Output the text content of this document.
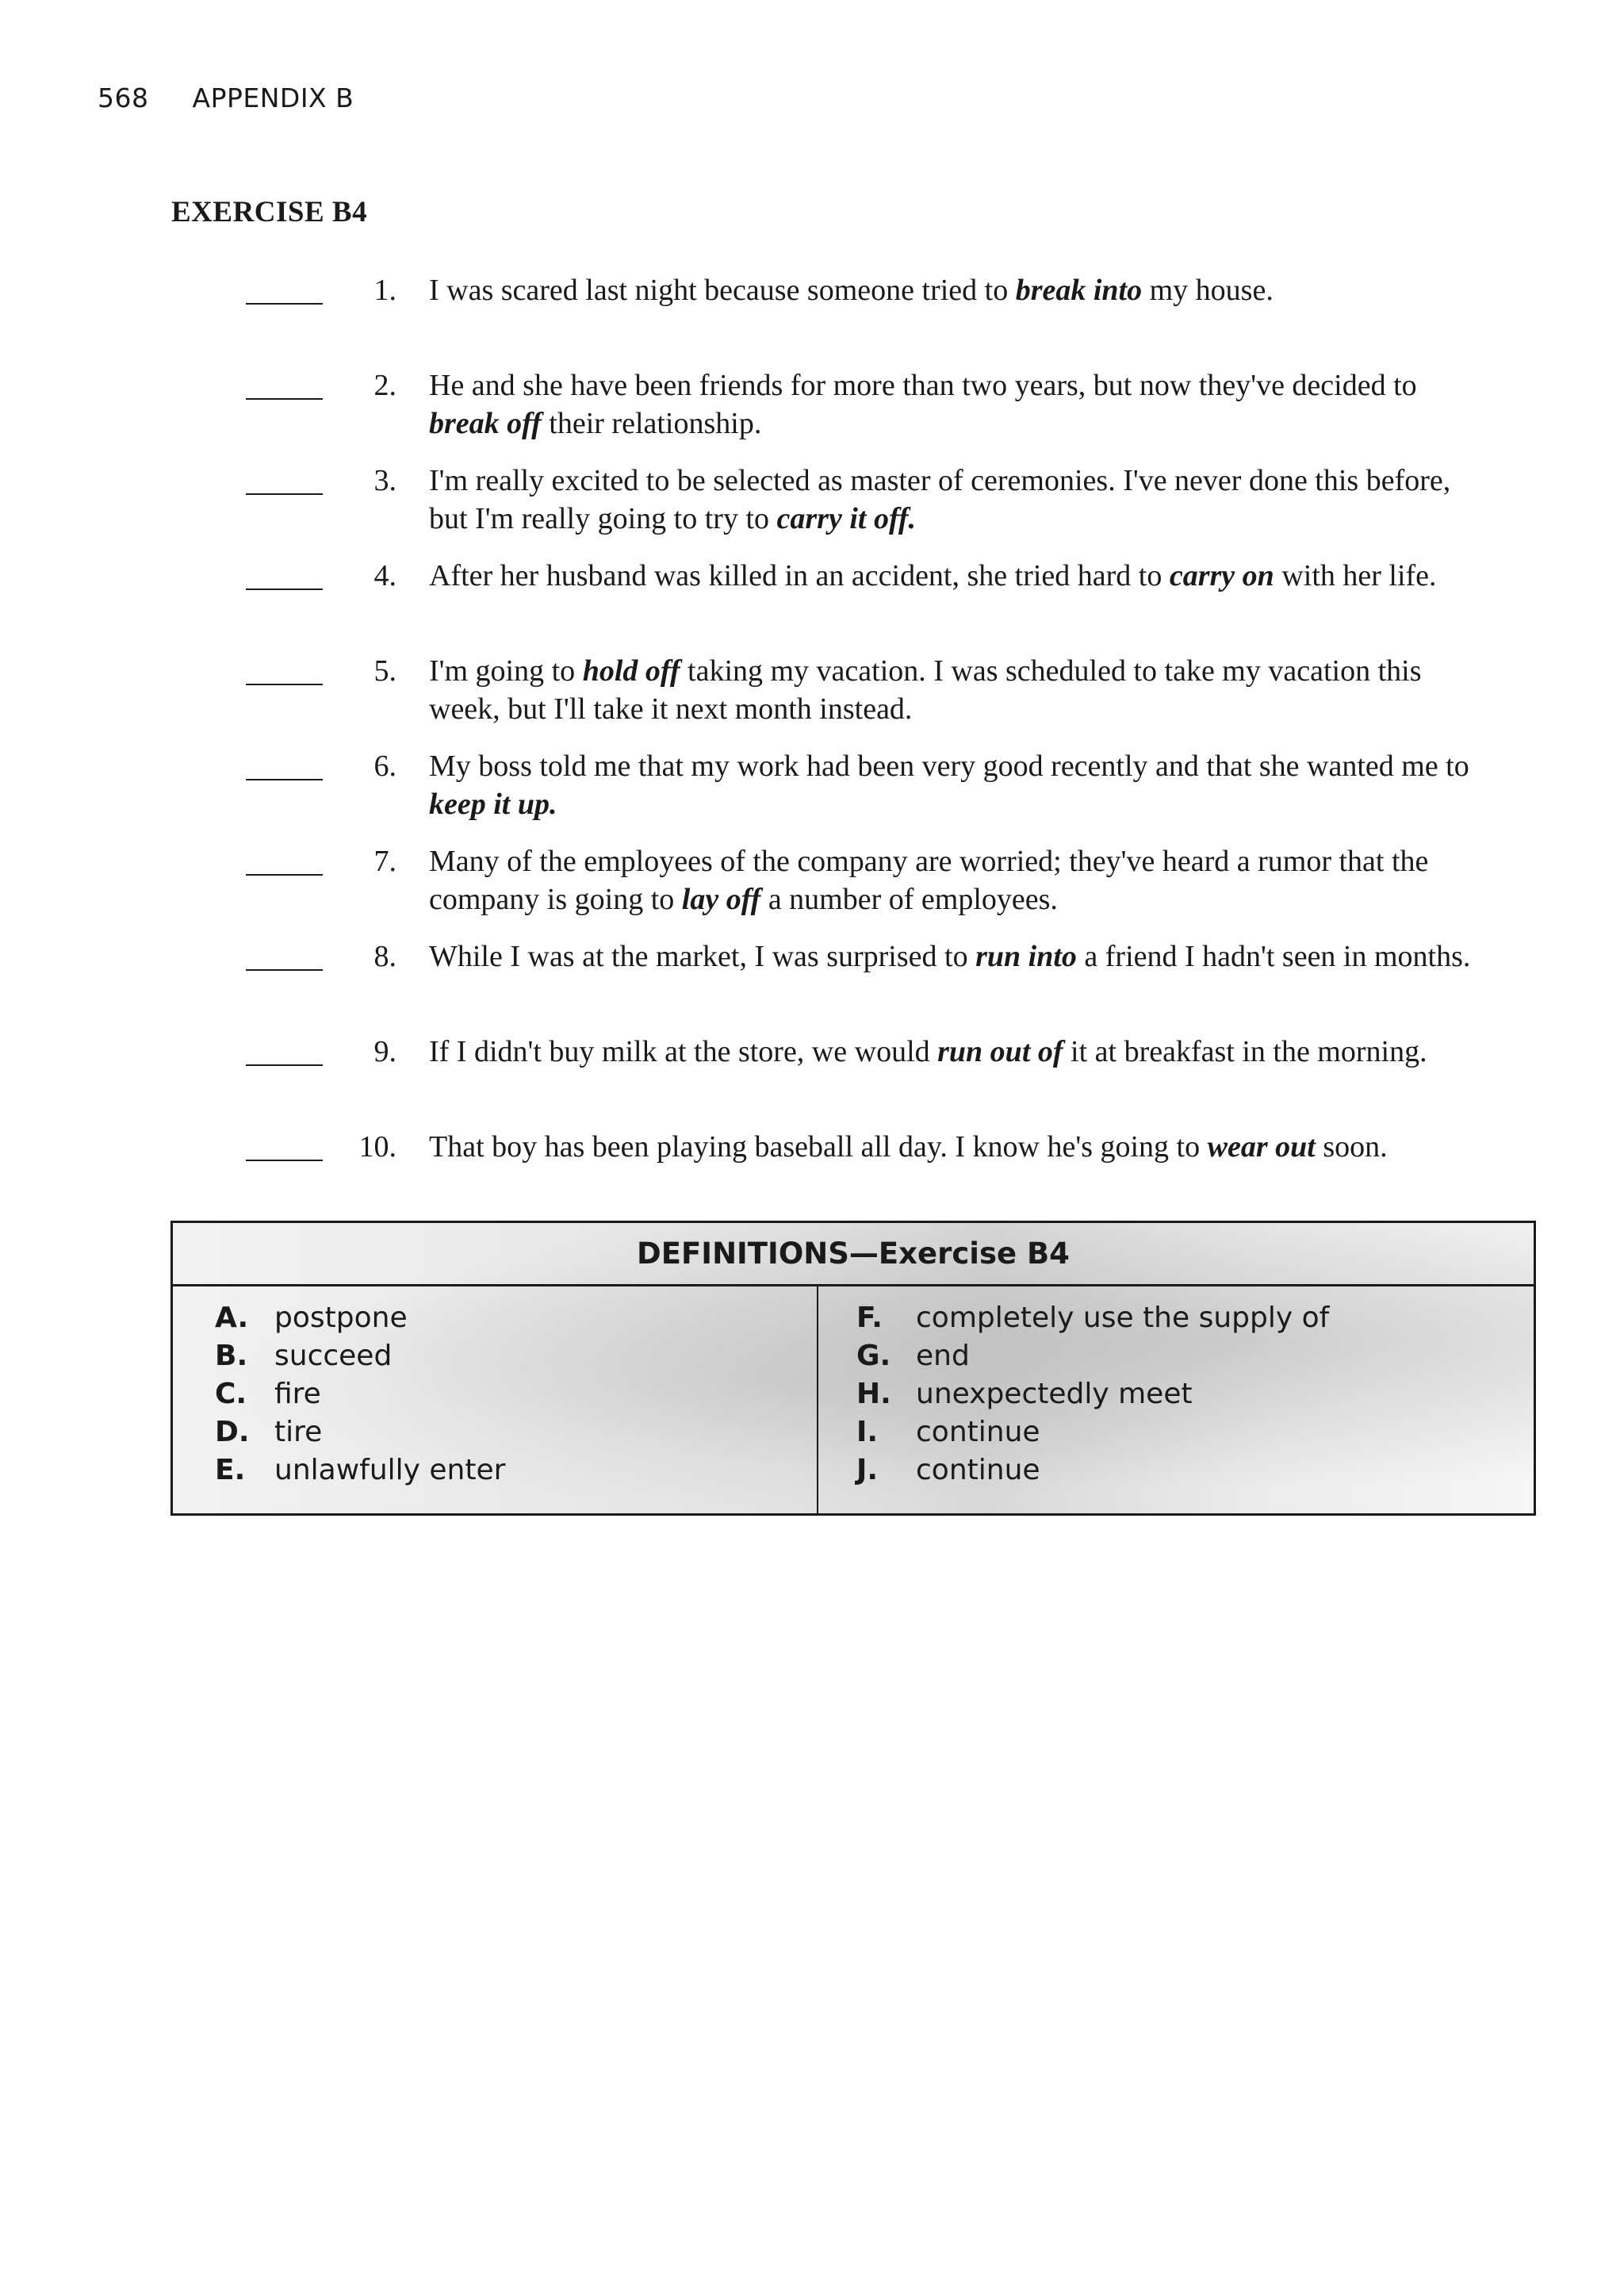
568 APPENDIX B
EXERCISE B4
1. I was scared last night because someone tried to break into my house.
2. He and she have been friends for more than two years, but now they've decided to break off their relationship.
3. I'm really excited to be selected as master of ceremonies. I've never done this before, but I'm really going to try to carry it off.
4. After her husband was killed in an accident, she tried hard to carry on with her life.
5. I'm going to hold off taking my vacation. I was scheduled to take my vacation this week, but I'll take it next month instead.
6. My boss told me that my work had been very good recently and that she wanted me to keep it up.
7. Many of the employees of the company are worried; they've heard a rumor that the company is going to lay off a number of employees.
8. While I was at the market, I was surprised to run into a friend I hadn't seen in months.
9. If I didn't buy milk at the store, we would run out of it at breakfast in the morning.
10. That boy has been playing baseball all day. I know he's going to wear out soon.
DEFINITIONS—Exercise B4
A. postpone
B. succeed
C. fire
D. tire
E. unlawfully enter
F. completely use the supply of
G. end
H. unexpectedly meet
I. continue
J. continue
